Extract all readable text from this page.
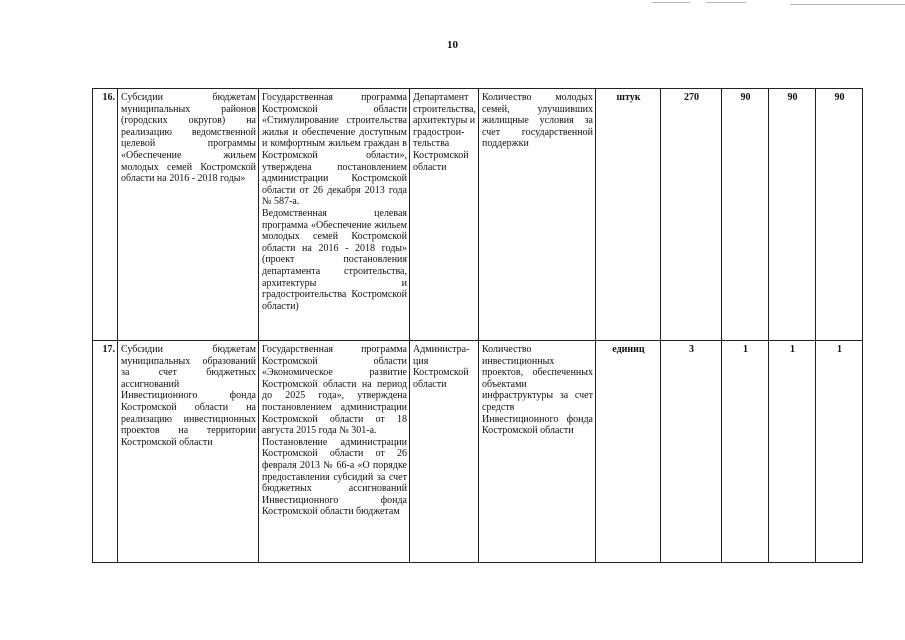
10
16.	Субсидии бюджетам муниципальных районов (городских округов) на реализацию ведомственной целевой программы «Обеспечение жильем молодых семей Костромской области на 2016 - 2018 годы»	Государственная программа Костромской области «Стимулирование строительства жилья и обеспечение доступным и комфортным жильем граждан в Костромской области», утверждена постановлением администрации Костромской области от 26 декабря 2013 года № 587-а.
Ведомственная целевая программа «Обеспечение жильем молодых семей Костромской области на 2016 - 2018 годы» (проект постановления департамента строительства, архитектуры и градостроительства Костромской области)	Департамент строительства, архитектуры и градостроительства Костромской области	Количество молодых семей, улучшивших жилищные условия за счет государственной поддержки	штук	270	90	90	90
17.	Субсидии бюджетам муниципальных образований за счет бюджетных ассигнований Инвестиционного фонда Костромской области на реализацию инвестиционных проектов на территории Костромской области	Государственная программа Костромской области «Экономическое развитие Костромской области на период до 2025 года», утверждена постановлением администрации Костромской области от 18 августа 2015 года № 301-а.
Постановление администрации Костромской области от 26 февраля 2013 № 66-а «О порядке предоставления субсидий за счет бюджетных ассигнований Инвестиционного фонда Костромской области бюджетам	Администрация Костромской области	Количество инвестиционных проектов, обеспеченных объектами инфраструктуры за счет средств Инвестиционного фонда Костромской области	единиц	3	1	1	1
